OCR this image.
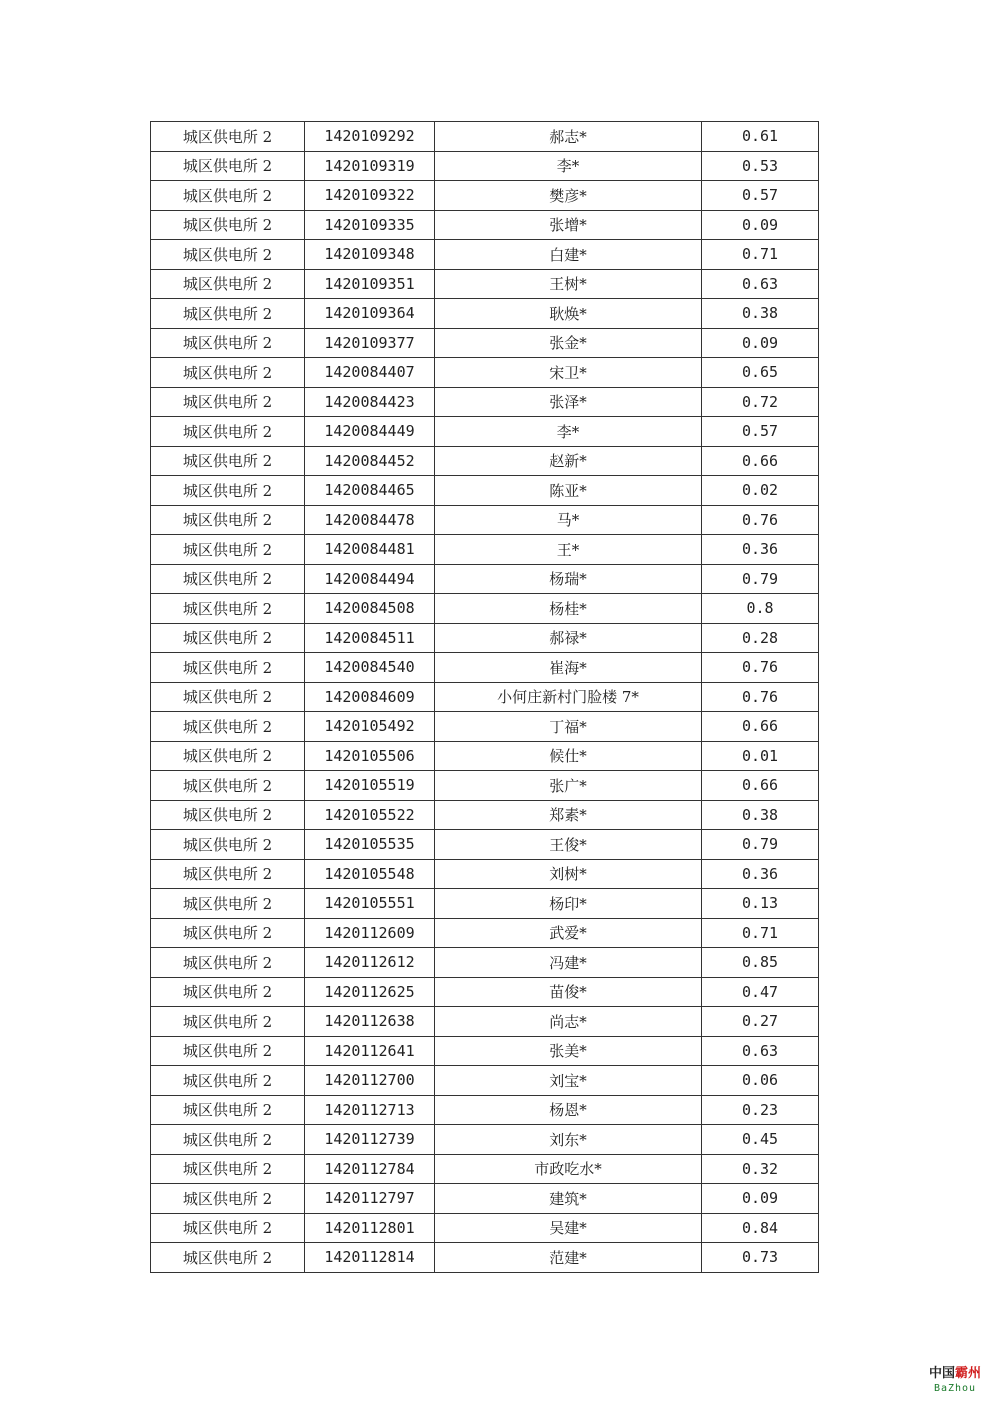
城区供电所 2	1420109292	郝志*	0.61
城区供电所 2	1420109319	李*	0.53
城区供电所 2	1420109322	樊彦*	0.57
城区供电所 2	1420109335	张增*	0.09
城区供电所 2	1420109348	白建*	0.71
城区供电所 2	1420109351	王树*	0.63
城区供电所 2	1420109364	耿焕*	0.38
城区供电所 2	1420109377	张金*	0.09
城区供电所 2	1420084407	宋卫*	0.65
城区供电所 2	1420084423	张泽*	0.72
城区供电所 2	1420084449	李*	0.57
城区供电所 2	1420084452	赵新*	0.66
城区供电所 2	1420084465	陈亚*	0.02
城区供电所 2	1420084478	马*	0.76
城区供电所 2	1420084481	王*	0.36
城区供电所 2	1420084494	杨瑞*	0.79
城区供电所 2	1420084508	杨桂*	0.8
城区供电所 2	1420084511	郝禄*	0.28
城区供电所 2	1420084540	崔海*	0.76
城区供电所 2	1420084609	小何庄新村门脸楼 7*	0.76
城区供电所 2	1420105492	丁福*	0.66
城区供电所 2	1420105506	候仕*	0.01
城区供电所 2	1420105519	张广*	0.66
城区供电所 2	1420105522	郑素*	0.38
城区供电所 2	1420105535	王俊*	0.79
城区供电所 2	1420105548	刘树*	0.36
城区供电所 2	1420105551	杨印*	0.13
城区供电所 2	1420112609	武爱*	0.71
城区供电所 2	1420112612	冯建*	0.85
城区供电所 2	1420112625	苗俊*	0.47
城区供电所 2	1420112638	尚志*	0.27
城区供电所 2	1420112641	张美*	0.63
城区供电所 2	1420112700	刘宝*	0.06
城区供电所 2	1420112713	杨恩*	0.23
城区供电所 2	1420112739	刘东*	0.45
城区供电所 2	1420112784	市政吃水*	0.32
城区供电所 2	1420112797	建筑*	0.09
城区供电所 2	1420112801	吴建*	0.84
城区供电所 2	1420112814	范建*	0.73
中国霸州
BaZhou
